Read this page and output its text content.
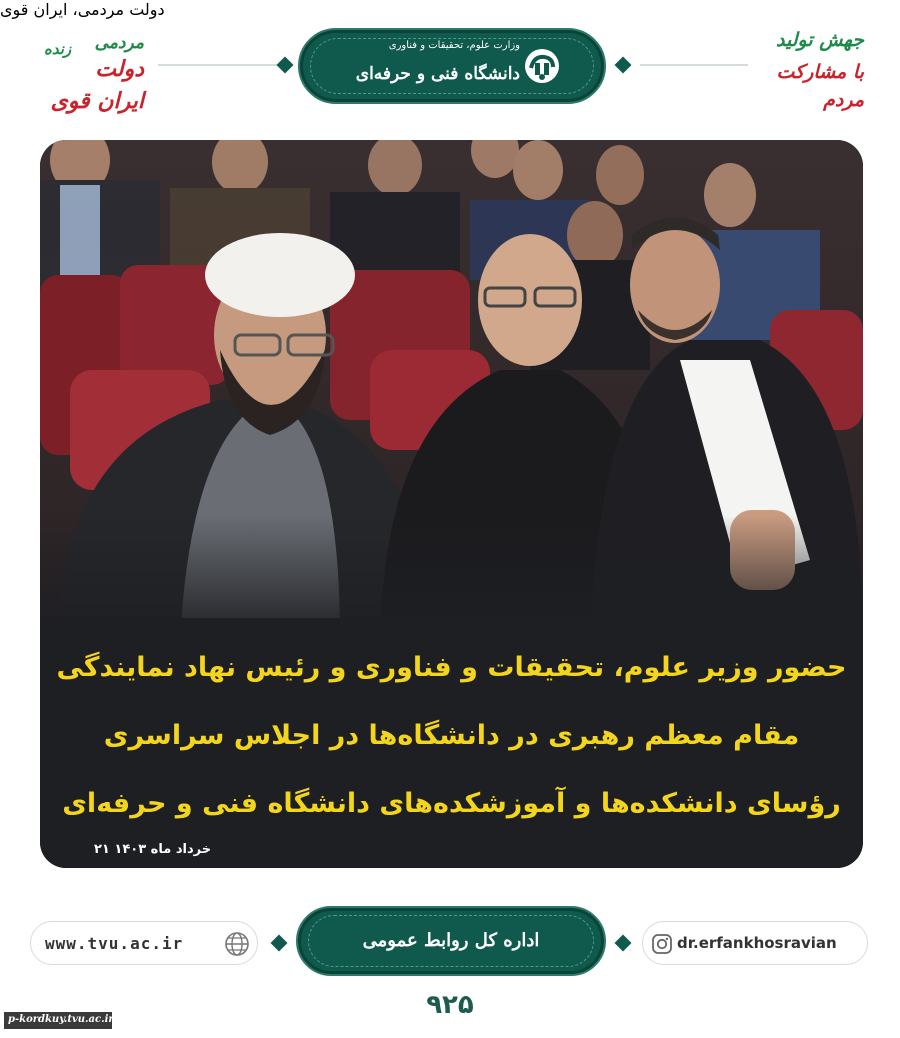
مردمی
دولت
ایران قوی
زنده
دولت مردمی، ایران قوی
وزارت علوم، تحقیقات و فناوری
دانشگاه فنی و حرفه‌ای
جهش تولید
با مشارکت
مردم
حضور وزیر علوم، تحقیقات و فناوری و رئیس نهاد نمایندگی
مقام معظم رهبری در دانشگاه‌ها در اجلاس سراسری
رؤسای دانشکده‌ها و آموزشکده‌های دانشگاه فنی و حرفه‌ای
۲۱ خرداد ماه ۱۴۰۳
www.tvu.ac.ir	اداره کل روابط عمومی	dr.erfankhosravian
۹۲۵
p-kordkuy.tvu.ac.ir
